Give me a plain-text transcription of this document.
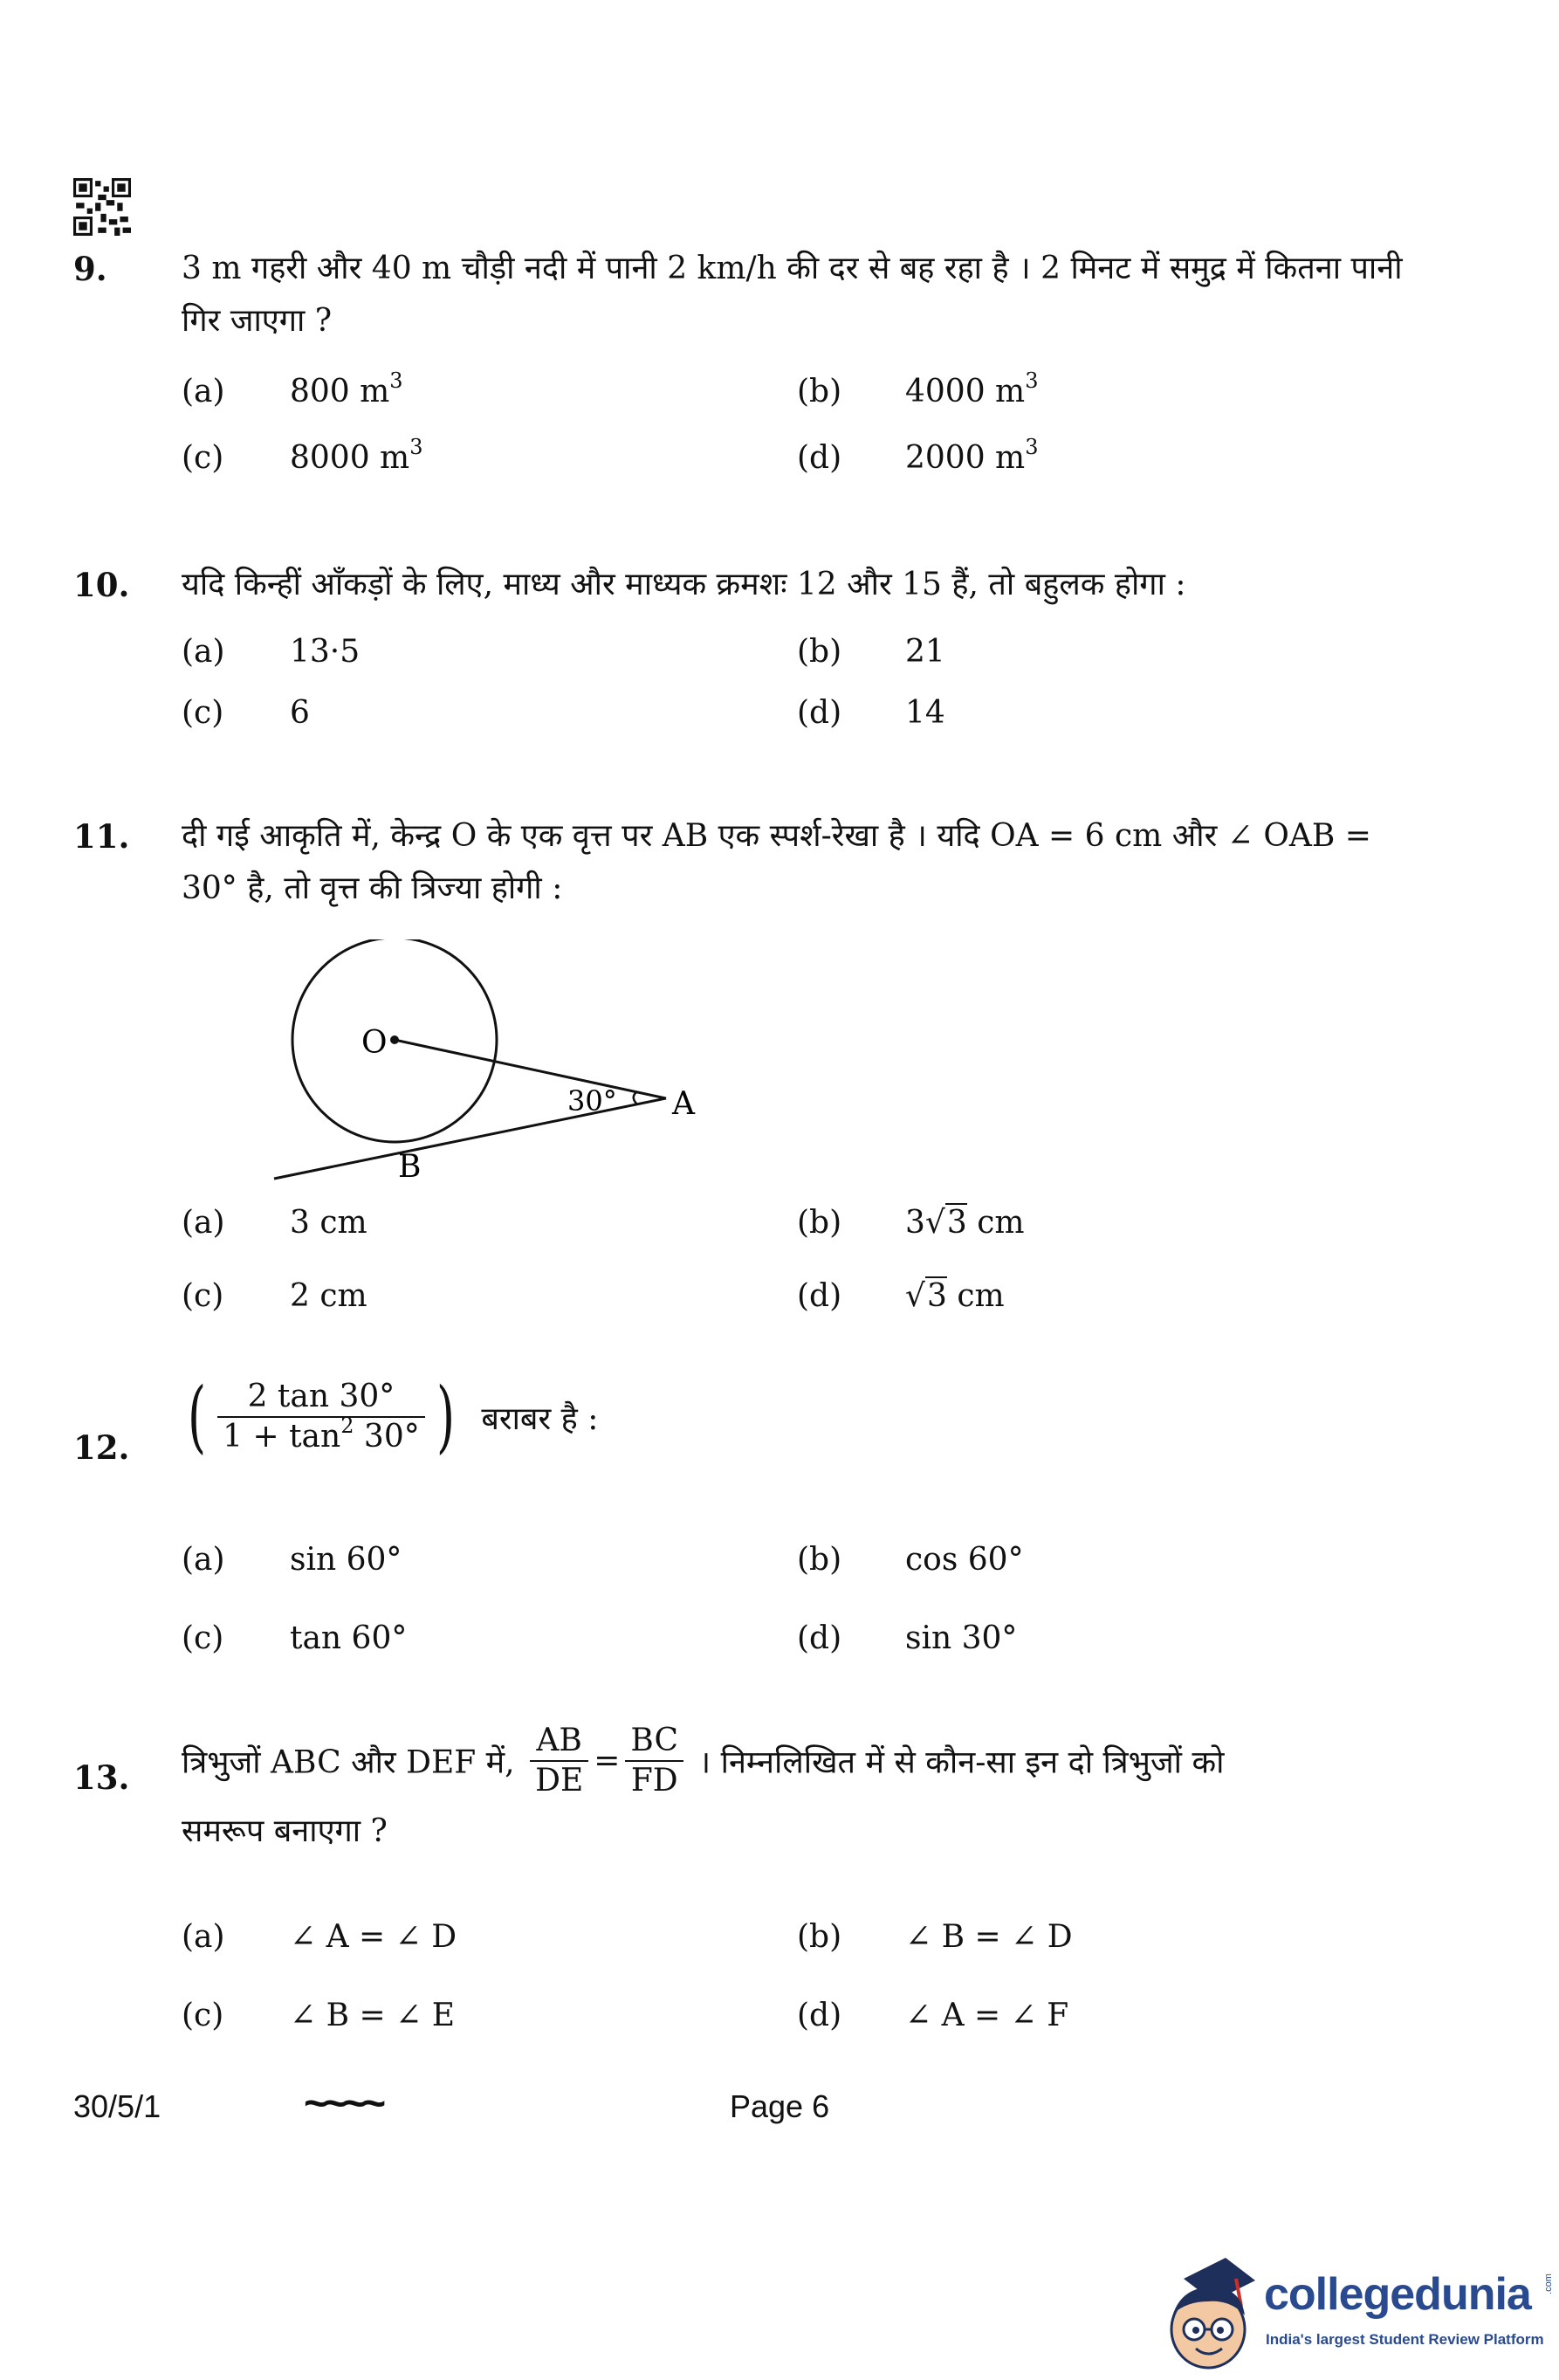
9. 3 m गहरी और 40 m चौड़ी नदी में पानी 2 km/h की दर से बह रहा है । 2 मिनट में समुद्र में कितना पानी गिर जाएगा ?
(a) 800 $m^3$	(b) 4000 $m^3$
(c) 8000 $m^3$	(d) 2000 $m^3$
10. यदि किन्हीं आँकड़ों के लिए, माध्य और माध्यक क्रमशः 12 और 15 हैं, तो बहुलक होगा :
(a) 13·5	(b) 21
(c) 6	(d) 14
11. दी गई आकृति में, केन्द्र O के एक वृत्त पर AB एक स्पर्श-रेखा है । यदि OA = 6 cm और ∠ OAB = 30° है, तो वृत्त की त्रिज्या होगी :
O
A
B
30°
(a) 3 cm	(b) 3√3 cm
(c) 2 cm	(d) √3 cm
12. ( $\frac{2 \tan 30^\circ}{1 + \tan^2 30^\circ}$ ) बराबर है :
(a) sin 60°	(b) cos 60°
(c) tan 60°	(d) sin 30°
13. त्रिभुजों ABC और DEF में, $\frac{AB}{DE} = \frac{BC}{FD}$ । निम्नलिखित में से कौन-सा इन दो त्रिभुजों को
समरूप बनाएगा ?
(a) ∠ A = ∠ D	(b) ∠ B = ∠ D
(c) ∠ B = ∠ E	(d) ∠ A = ∠ F
30/5/1	~~~~	Page 6
collegedunia .com
India's largest Student Review Platform
